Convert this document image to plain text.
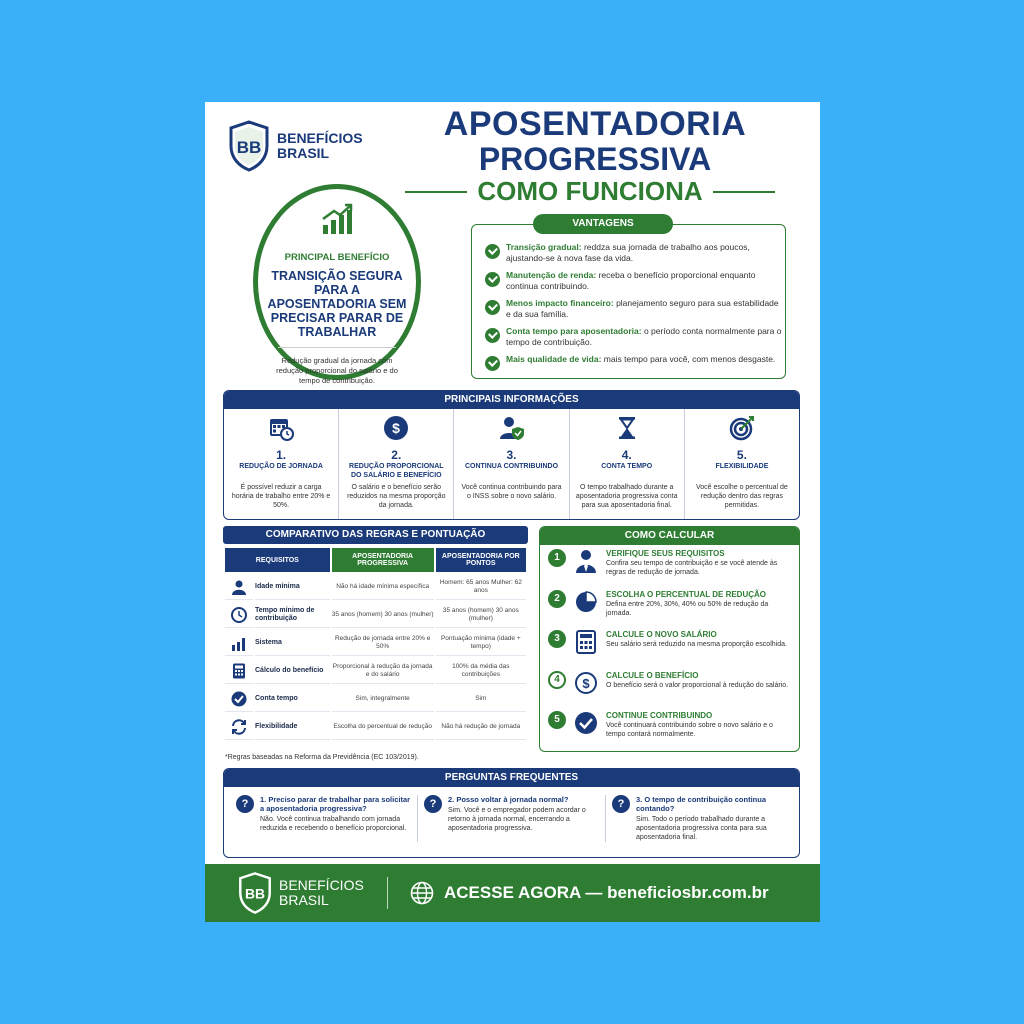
BB BENEFÍCIOS
BRASIL
APOSENTADORIA
PROGRESSIVA
COMO FUNCIONA
PRINCIPAL BENEFÍCIO
TRANSIÇÃO SEGURA PARA A APOSENTADORIA SEM PRECISAR PARAR DE TRABALHAR
Redução gradual da jornada com redução proporcional do salário e do tempo de contribuição.
VANTAGENS
Transição gradual: reddza sua jornada de trabalho aos poucos, ajustando-se à nova fase da vida.
Manutenção de renda: receba o benefício proporcional enquanto continua contribuindo.
Menos impacto financeiro: planejamento seguro para sua estabilidade e da sua família.
Conta tempo para aposentadoria: o período conta normalmente para o tempo de contribuição.
Mais qualidade de vida: mais tempo para você, com menos desgaste.
PRINCIPAIS INFORMAÇÕES
1.
REDUÇÃO DE JORNADA
É possível reduzir a carga horária de trabalho entre 20% e 50%.
$
2.
REDUÇÃO PROPORCIONAL DO SALÁRIO E BENEFÍCIO
O salário e o benefício serão reduzidos na mesma proporção da jornada.
3.
CONTINUA CONTRIBUINDO
Você continua contribuindo para o INSS sobre o novo salário.
4.
CONTA TEMPO
O tempo trabalhado durante a aposentadoria progressiva conta para sua aposentadoria final.
5.
FLEXIBILIDADE
Você escolhe o percentual de redução dentro das regras permitidas.
COMPARATIVO DAS REGRAS E PONTUAÇÃO
REQUISITOS		APOSENTADORIA PROGRESSIVA	APOSENTADORIA POR PONTOS

	Idade mínima	Não há idade mínima específica	Homem: 65 anos Mulher: 62 anos

	Tempo mínimo de contribuição	35 anos (homem) 30 anos (mulher)	35 anos (homem) 30 anos (mulher)

	Sistema	Redução de jornada entre 20% e 50%	Pontuação mínima (idade + tempo)

	Cálculo do benefício	Proporcional à redução da jornada e do salário	100% da média das contribuições

	Conta tempo	Sim, integralmente	Sim

	Flexibilidade	Escolha do percentual de redução	Não há redução de jornada
*Regras baseadas na Reforma da Previdência (EC 103/2019).
COMO CALCULAR
1	VERIFIQUE SEUS REQUISITOS
Confira seu tempo de contribuição e se você atende às regras de redução de jornada.
2	ESCOLHA O PERCENTUAL DE REDUÇÃO
Defina entre 20%, 30%, 40% ou 50% de redução da jornada.
3	CALCULE O NOVO SALÁRIO
Seu salário será reduzido na mesma proporção escolhida.
4	$
CALCULE O BENEFÍCIO
O benefício será o valor proporcional à redução do salário.
5	CONTINUE CONTRIBUINDO
Você continuará contribuindo sobre o novo salário e o tempo contará normalmente.
PERGUNTAS FREQUENTES
?	1. Preciso parar de trabalhar para solicitar a aposentadoria progressiva?
Não. Você continua trabalhando com jornada reduzida e recebendo o benefício proporcional.
?	2. Posso voltar à jornada normal?
Sim. Você e o empregador podem acordar o retorno à jornada normal, encerrando a aposentadoria progressiva.
?	3. O tempo de contribuição continua contando?
Sim. Todo o período trabalhado durante a aposentadoria progressiva conta para sua aposentadoria final.
BB
BENEFÍCIOS
BRASIL	ACESSE AGORA — beneficiosbr.com.br
